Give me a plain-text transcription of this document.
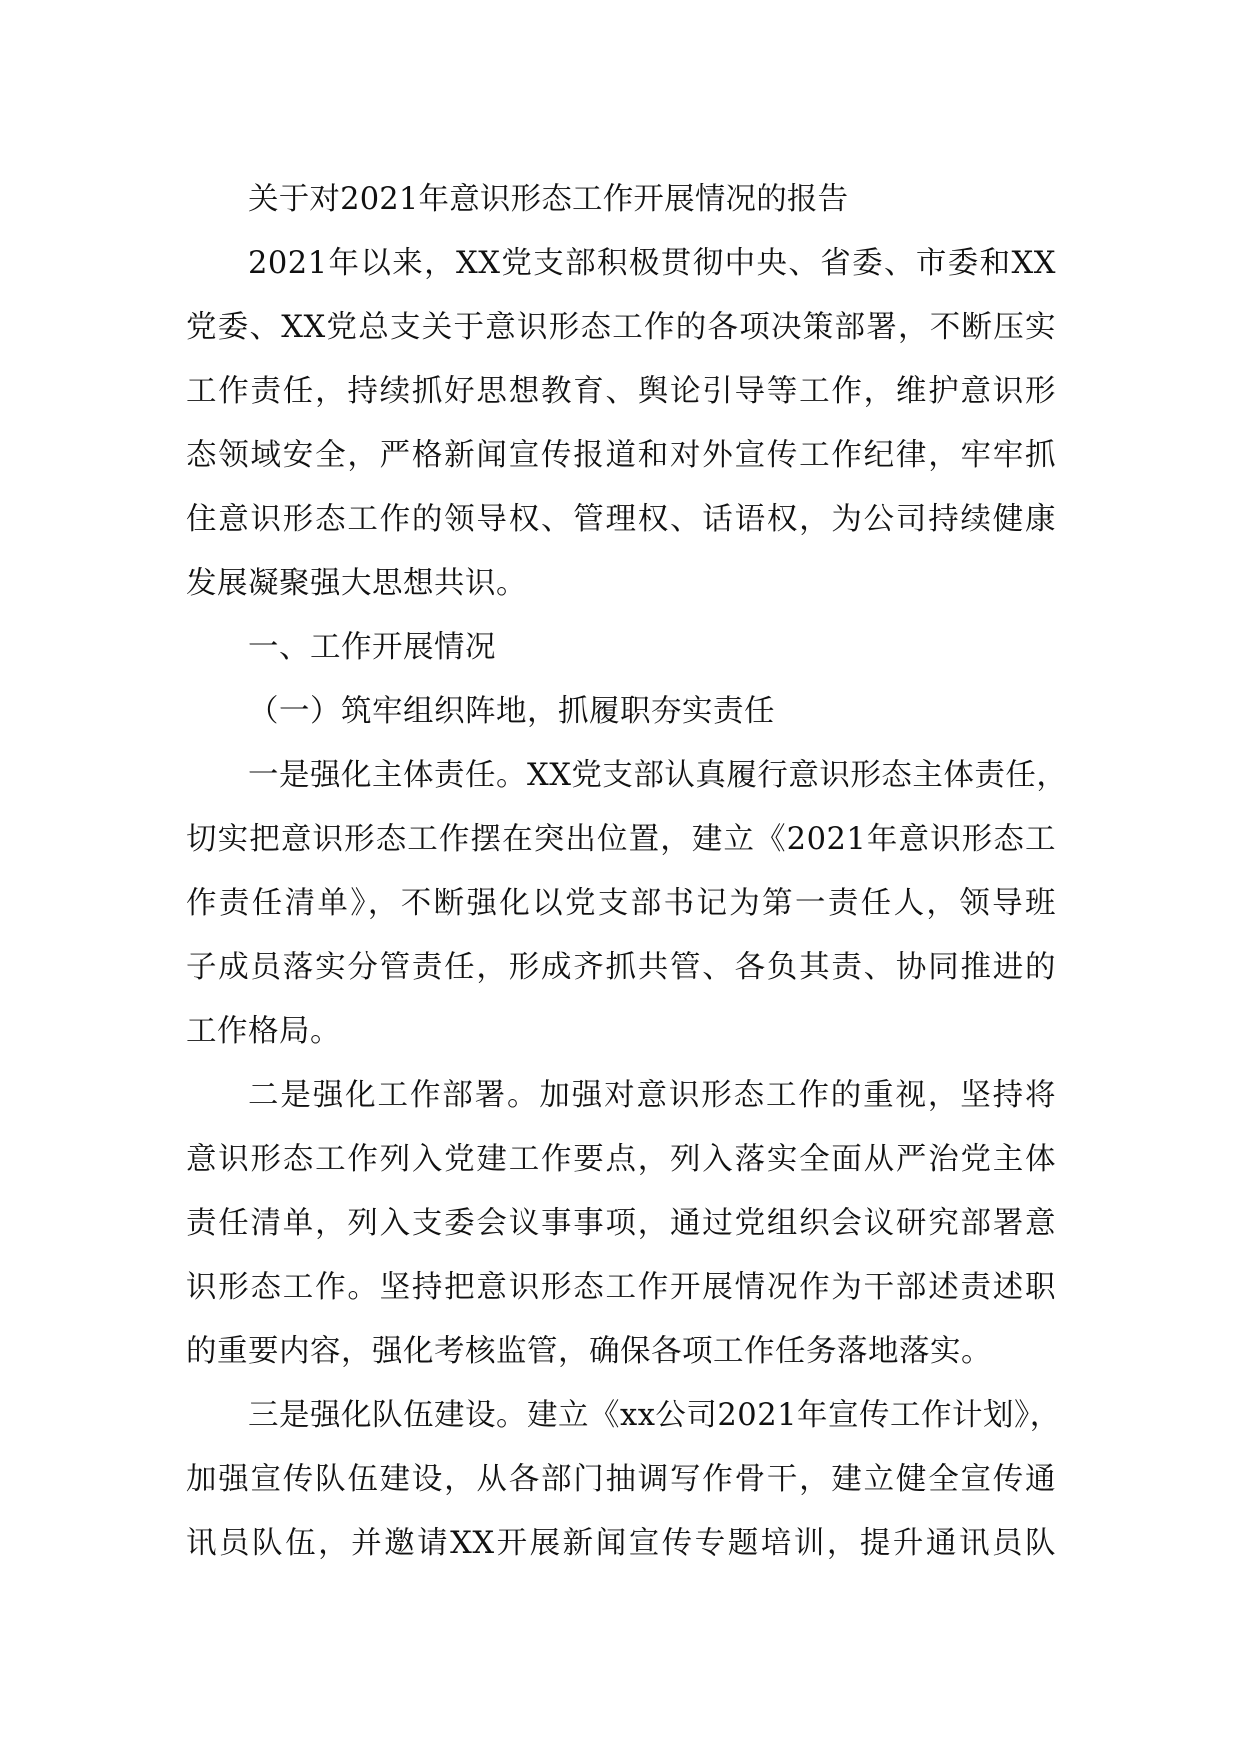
关于对2021年意识形态工作开展情况的报告
2021年以来，XX党支部积极贯彻中央、省委、市委和XX
党委、XX党总支关于意识形态工作的各项决策部署，不断压实
工作责任，持续抓好思想教育、舆论引导等工作，维护意识形
态领域安全，严格新闻宣传报道和对外宣传工作纪律，牢牢抓
住意识形态工作的领导权、管理权、话语权，为公司持续健康
发展凝聚强大思想共识。
一、工作开展情况
（一）筑牢组织阵地，抓履职夯实责任
一是强化主体责任。XX党支部认真履行意识形态主体责任，
切实把意识形态工作摆在突出位置，建立《2021年意识形态工
作责任清单》，不断强化以党支部书记为第一责任人，领导班
子成员落实分管责任，形成齐抓共管、各负其责、协同推进的
工作格局。
二是强化工作部署。加强对意识形态工作的重视，坚持将
意识形态工作列入党建工作要点，列入落实全面从严治党主体
责任清单，列入支委会议事事项，通过党组织会议研究部署意
识形态工作。坚持把意识形态工作开展情况作为干部述责述职
的重要内容，强化考核监管，确保各项工作任务落地落实。
三是强化队伍建设。建立《xx公司2021年宣传工作计划》，
加强宣传队伍建设，从各部门抽调写作骨干，建立健全宣传通
讯员队伍，并邀请XX开展新闻宣传专题培训，提升通讯员队
